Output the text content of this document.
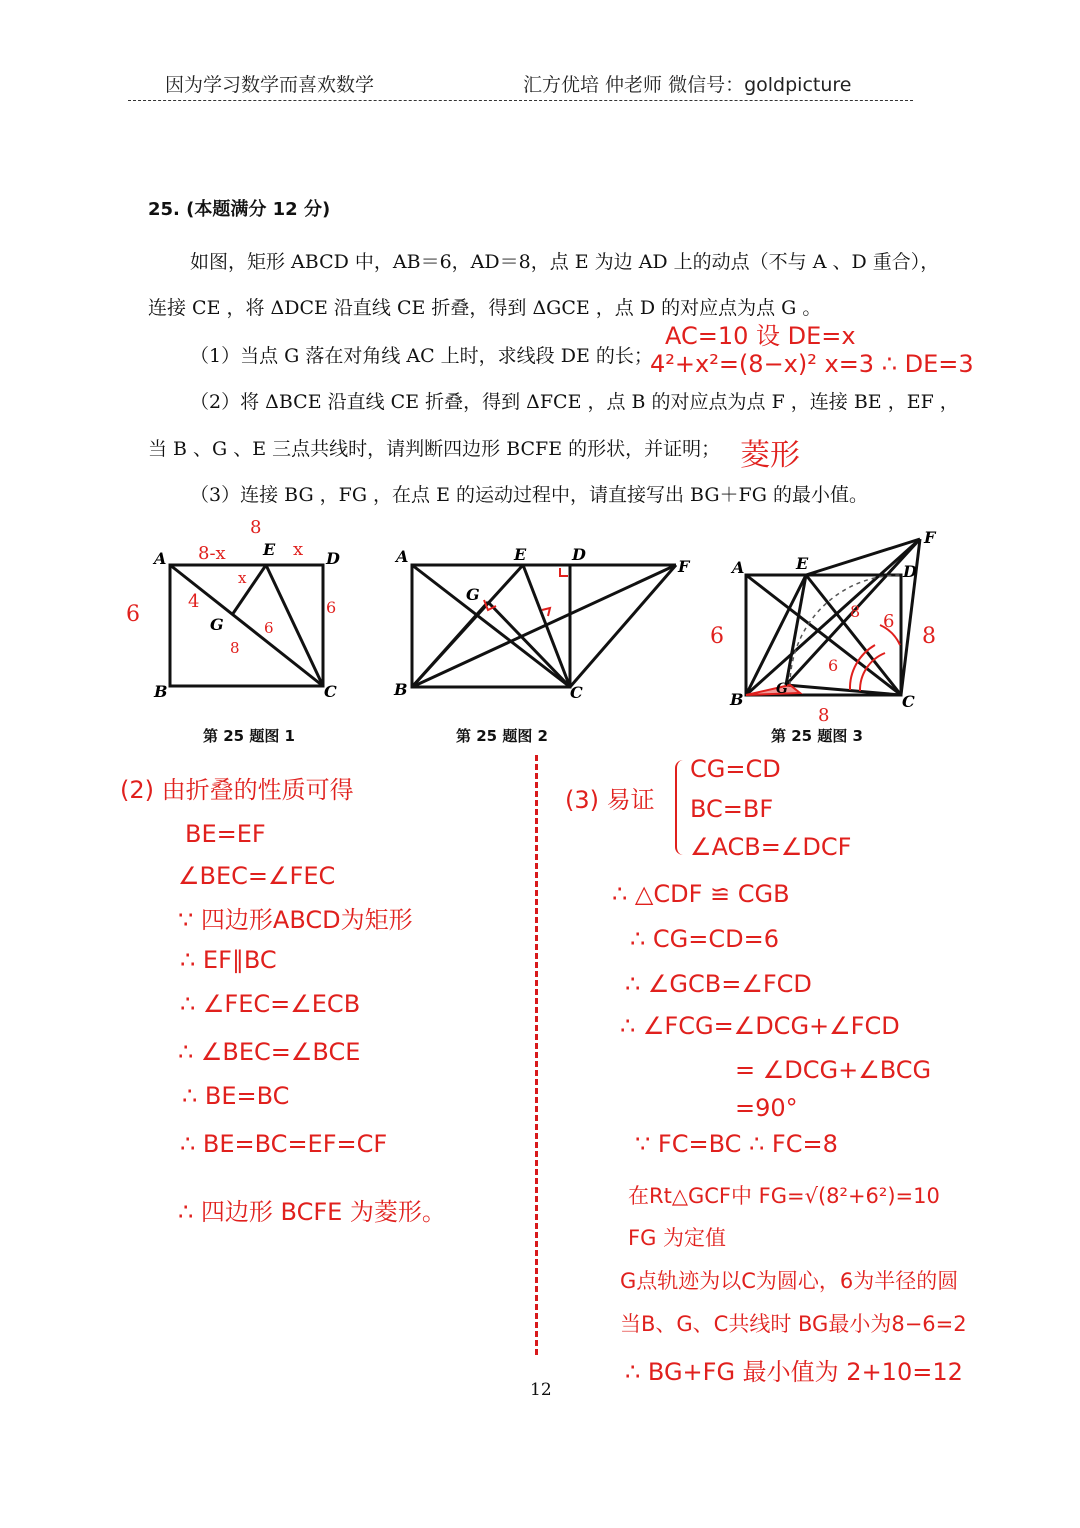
因为学习数学而喜欢数学	汇方优培 仲老师 微信号：goldpicture
25. (本题满分 12 分)
如图，矩形 ABCD 中，AB＝6，AD＝8，点 E 为边 AD 上的动点（不与 A 、D 重合），
连接 CE ，将 ΔDCE 沿直线 CE 折叠，得到 ΔGCE ，点 D 的对应点为点 G 。
（1）当点 G 落在对角线 AC 上时，求线段 DE 的长；
（2）将 ΔBCE 沿直线 CE 折叠，得到 ΔFCE ，点 B 的对应点为点 F ，连接 BE ，EF ，
当 B 、G 、E 三点共线时，请判断四边形 BCFE 的形状，并证明；
（3）连接 BG ，FG ，在点 E 的运动过程中，请直接写出 BG＋FG 的最小值。
AC=10 设 DE=x
4²+x²=(8−x)² x=3 ∴ DE=3
菱形
A	E	D
B	C
G
8
8-x	x
x
6
4
6
6
8
A	E	D
F
G
B	C
A	E	D
F
B	C
G
6	8
6
6
8
8
第 25 题图 1	第 25 题图 2	第 25 题图 3
(2) 由折叠的性质可得
BE=EF
∠BEC=∠FEC
∵ 四边形ABCD为矩形
∴ EF∥BC
∴ ∠FEC=∠ECB
∴ ∠BEC=∠BCE
∴ BE=BC
∴ BE=BC=EF=CF
∴ 四边形 BCFE 为菱形。
(3) 易证
CG=CD
BC=BF
∠ACB=∠DCF
∴ △CDF ≌ CGB
∴ CG=CD=6
∴ ∠GCB=∠FCD
∴ ∠FCG=∠DCG+∠FCD
= ∠DCG+∠BCG
=90°
∵ FC=BC ∴ FC=8
在Rt△GCF中 FG=√(8²+6²)=10
FG 为定值
G点轨迹为以C为圆心，6为半径的圆
当B、G、C共线时 BG最小为8−6=2
∴ BG+FG 最小值为 2+10=12
12
